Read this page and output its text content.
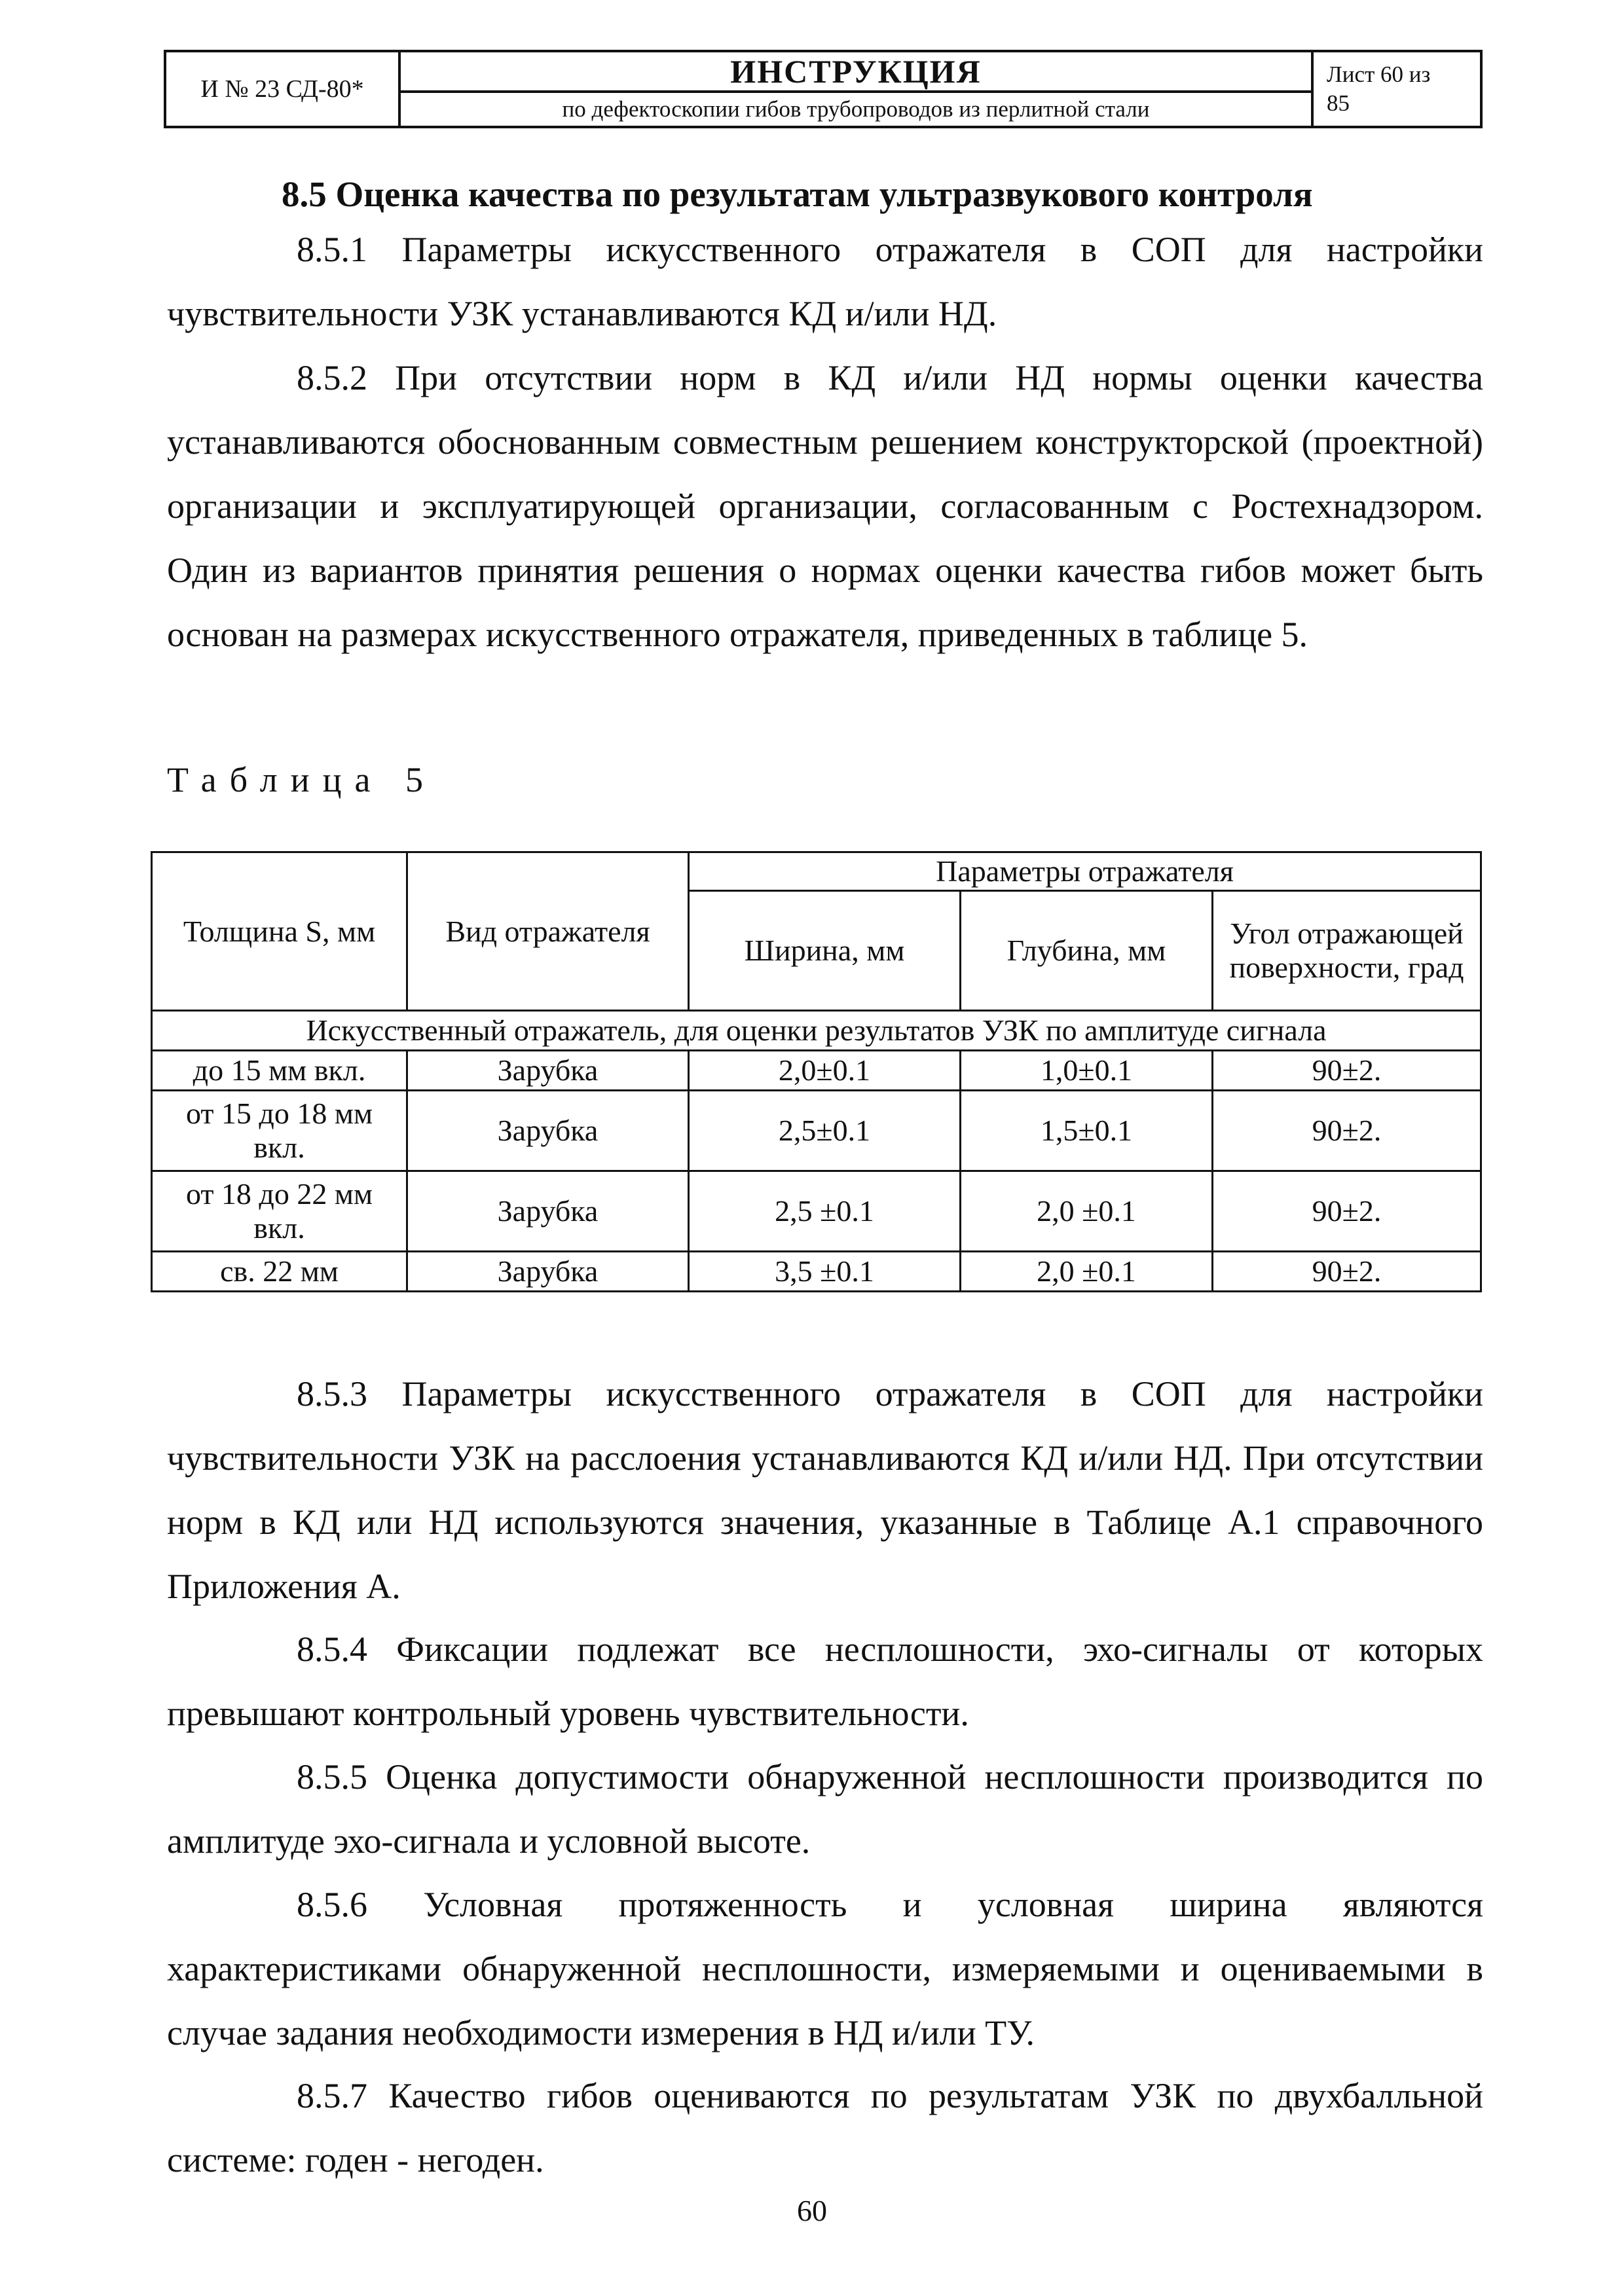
И № 23 СД-80*	ИНСТРУКЦИЯ
по дефектоскопии гибов трубопроводов из перлитной стали
Лист 60 из
85
8.5 Оценка качества по результатам ультразвукового контроля

8.5.1 Параметры искусственного отражателя в СОП для настройки чувствительности УЗК устанавливаются КД и/или НД.

8.5.2 При отсутствии норм в КД и/или НД нормы оценки качества устанавливаются обоснованным совместным решением конструкторской (проектной) организации и эксплуатирующей организации, согласованным с Ростехнадзором. Один из вариантов принятия решения о нормах оценки качества гибов может быть основан на размерах искусственного отражателя, приведенных в таблице 5.

Таблица 5
Толщина S, мм	Вид отражателя	Параметры отражателя		
		Ширина, мм	Глубина, мм	Угол отражающей поверхности, град
Искусственный отражатель, для оценки результатов УЗК по амплитуде сигнала				
до 15 мм вкл.	Зарубка	2,0±0.1	1,0±0.1	90±2.
от 15 до 18 мм вкл.	Зарубка	2,5±0.1	1,5±0.1	90±2.
от 18 до 22 мм вкл.	Зарубка	2,5 ±0.1	2,0 ±0.1	90±2.
св. 22 мм	Зарубка	3,5 ±0.1	2,0 ±0.1	90±2.

8.5.3 Параметры искусственного отражателя в СОП для настройки чувствительности УЗК на расслоения устанавливаются КД и/или НД. При отсутствии норм в КД или НД используются значения, указанные в Таблице А.1 справочного Приложения А.

8.5.4 Фиксации подлежат все несплошности, эхо-сигналы от которых превышают контрольный уровень чувствительности.

8.5.5 Оценка допустимости обнаруженной несплошности производится по амплитуде эхо-сигнала и условной высоте.

8.5.6 Условная протяженность и условная ширина являются характеристиками обнаруженной несплошности, измеряемыми и оцениваемыми в случае задания необходимости измерения в НД и/или ТУ.

8.5.7 Качество гибов оцениваются по результатам УЗК по двухбалльной системе: годен - негоден.

60
